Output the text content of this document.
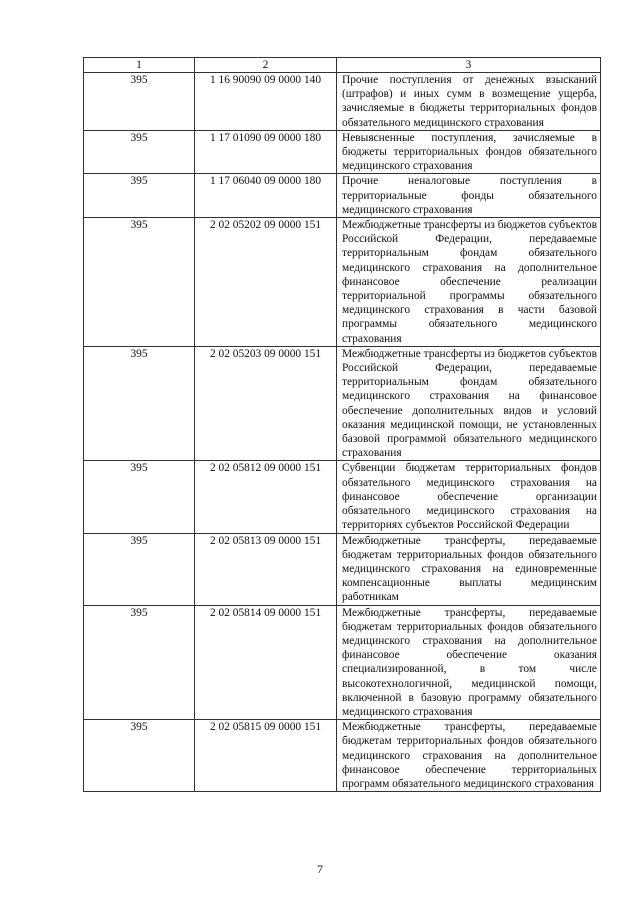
1	2	3
395	1 16 90090 09 0000 140	Прочие поступления от денежных взысканий (штрафов) и иных сумм в возмещение ущерба, зачисляемые в бюджеты территориальных фондов обязательного медицинского страхования
395	1 17 01090 09 0000 180	Невыясненные поступления, зачисляемые в бюджеты территориальных фондов обязательного медицинского страхования
395	1 17 06040 09 0000 180	Прочие неналоговые поступления в территориальные фонды обязательного медицинского страхования
395	2 02 05202 09 0000 151	Межбюджетные трансферты из бюджетов субъектов Российской Федерации, передаваемые территориальным фондам обязательного медицинского страхования на дополнительное финансовое обеспечение реализации территориальной программы обязательного медицинского страхования в части базовой программы обязательного медицинского страхования
395	2 02 05203 09 0000 151	Межбюджетные трансферты из бюджетов субъектов Российской Федерации, передаваемые территориальным фондам обязательного медицинского страхования на финансовое обеспечение дополнительных видов и условий оказания медицинской помощи, не установленных базовой программой обязательного медицинского страхования
395	2 02 05812 09 0000 151	Субвенции бюджетам территориальных фондов обязательного медицинского страхования на финансовое обеспечение организации обязательного медицинского страхования на территориях субъектов Российской Федерации
395	2 02 05813 09 0000 151	Межбюджетные трансферты, передаваемые бюджетам территориальных фондов обязательного медицинского страхования на единовременные компенсационные выплаты медицинским работникам
395	2 02 05814 09 0000 151	Межбюджетные трансферты, передаваемые бюджетам территориальных фондов обязательного медицинского страхования на дополнительное финансовое обеспечение оказания специализированной, в том числе высокотехнологичной, медицинской помощи, включенной в базовую программу обязательного медицинского страхования
395	2 02 05815 09 0000 151	Межбюджетные трансферты, передаваемые бюджетам территориальных фондов обязательного медицинского страхования на дополнительное финансовое обеспечение территориальных программ обязательного медицинского страхования
7
